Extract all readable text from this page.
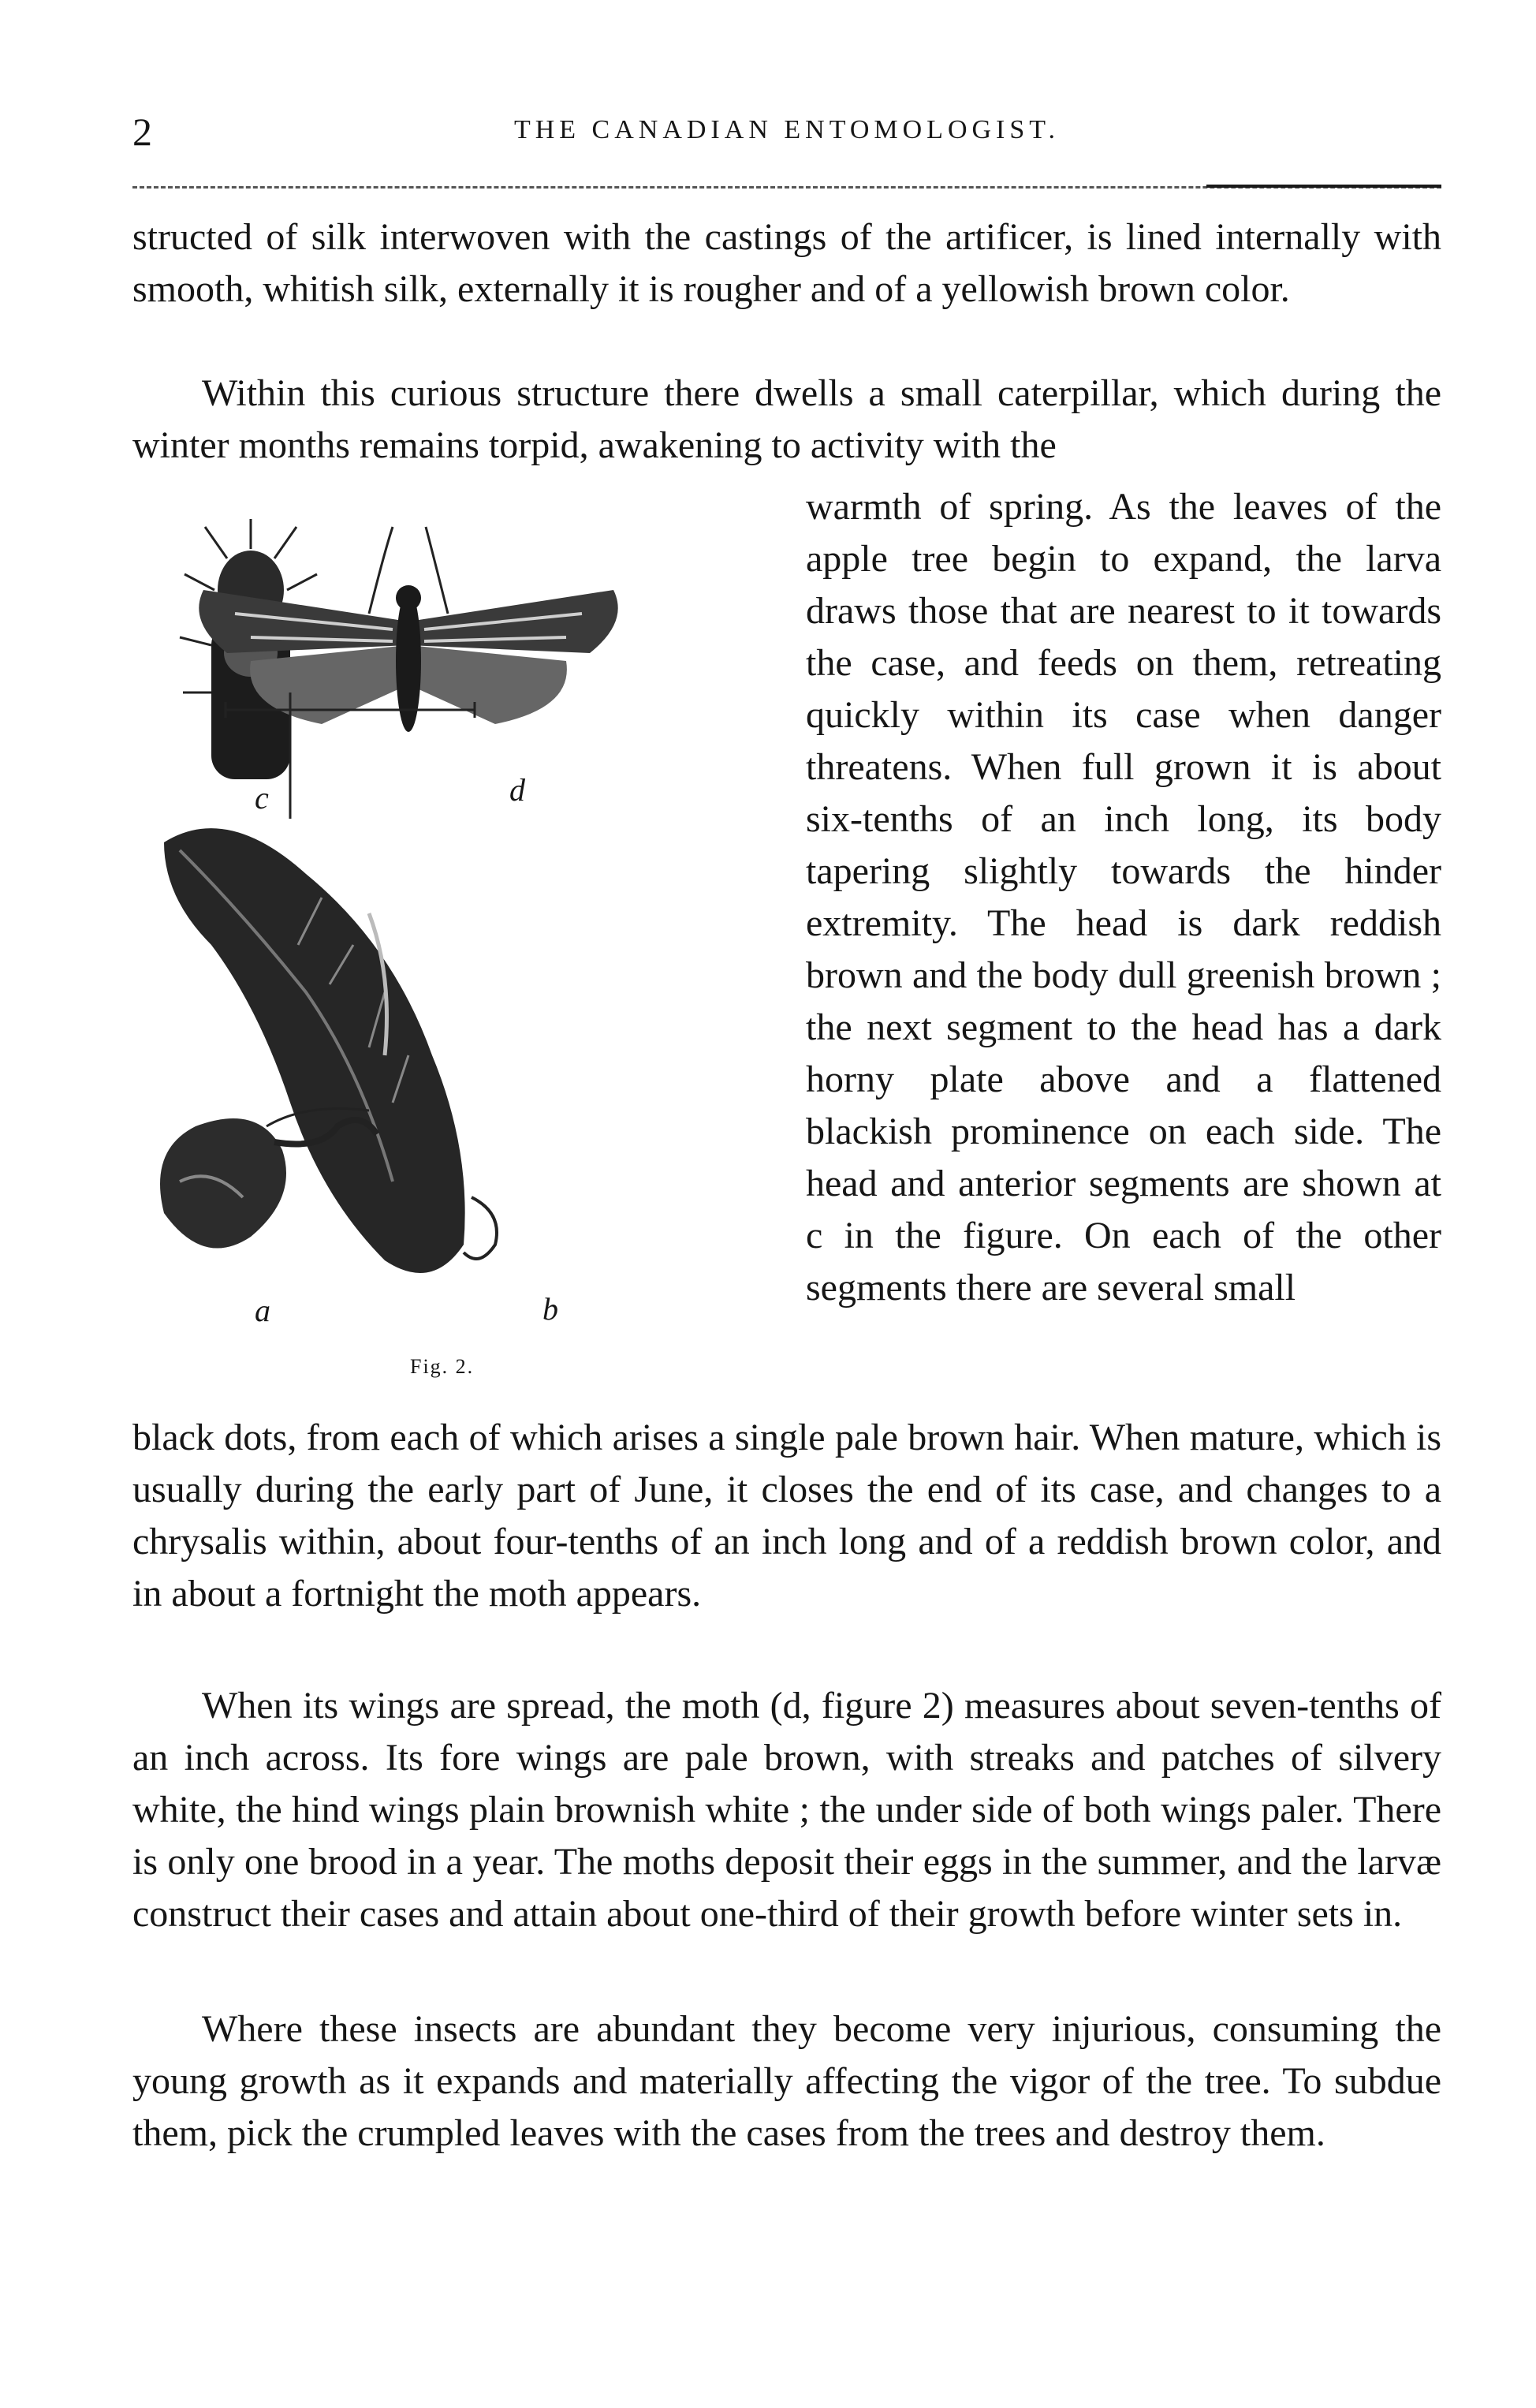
2	THE CANADIAN ENTOMOLOGIST.

structed of silk interwoven with the castings of the artificer, is lined internally with smooth, whitish silk, externally it is rougher and of a yellowish brown color.

Within this curious structure there dwells a small caterpillar, which during the winter months remains torpid, awakening to activity with the

warmth of spring. As the leaves of the apple tree begin to expand, the larva draws those that are nearest to it towards the case, and feeds on them, retreating quickly within its case when danger threatens. When full grown it is about six-tenths of an inch long, its body tapering slightly towards the hinder extremity. The head is dark reddish brown and the body dull greenish brown ; the next segment to the head has a dark horny plate above and a flattened blackish prominence on each side. The head and anterior segments are shown at c in the figure. On each of the other segments there are several small

black dots, from each of which arises a single pale brown hair. When mature, which is usually during the early part of June, it closes the end of its case, and changes to a chrysalis within, about four-tenths of an inch long and of a reddish brown color, and in about a fortnight the moth appears.

When its wings are spread, the moth (d, figure 2) measures about seven-tenths of an inch across. Its fore wings are pale brown, with streaks and patches of silvery white, the hind wings plain brownish white ; the under side of both wings paler. There is only one brood in a year. The moths deposit their eggs in the summer, and the larvæ construct their cases and attain about one-third of their growth before winter sets in.

Where these insects are abundant they become very injurious, consuming the young growth as it expands and materially affecting the vigor of the tree. To subdue them, pick the crumpled leaves with the cases from the trees and destroy them.

c	d
a	b
Fig. 2.
